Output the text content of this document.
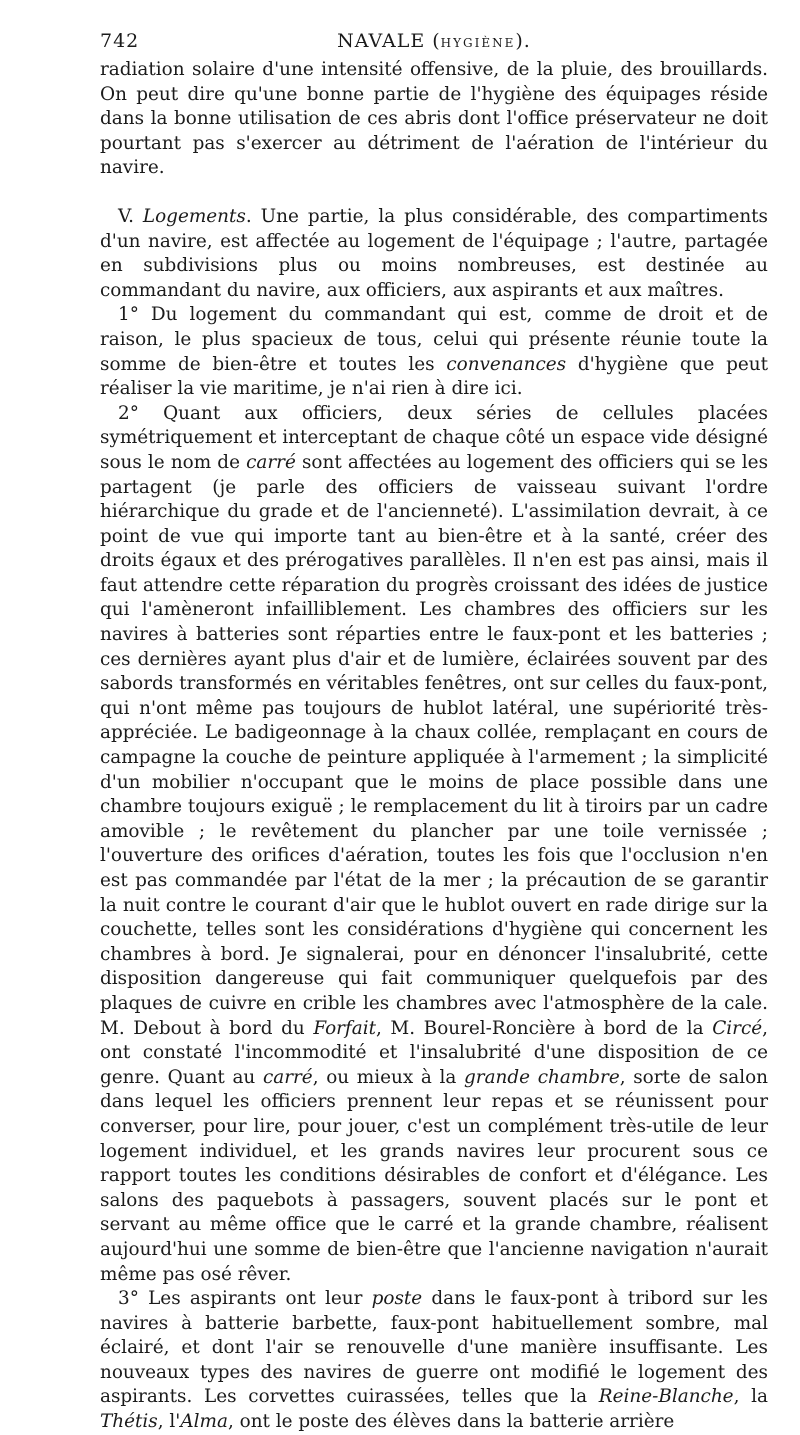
742	NAVALE (HYGIÈNE).

radiation solaire d'une intensité offensive, de la pluie, des brouillards. On peut dire qu'une bonne partie de l'hygiène des équipages réside dans la bonne utilisation de ces abris dont l'office préservateur ne doit pourtant pas s'exercer au détriment de l'aération de l'intérieur du navire.

V. Logements. Une partie, la plus considérable, des compartiments d'un navire, est affectée au logement de l'équipage ; l'autre, partagée en subdivisions plus ou moins nombreuses, est destinée au commandant du navire, aux officiers, aux aspirants et aux maîtres.

1° Du logement du commandant qui est, comme de droit et de raison, le plus spacieux de tous, celui qui présente réunie toute la somme de bien-être et toutes les convenances d'hygiène que peut réaliser la vie maritime, je n'ai rien à dire ici.

2° Quant aux officiers, deux séries de cellules placées symétriquement et interceptant de chaque côté un espace vide désigné sous le nom de carré sont affectées au logement des officiers qui se les partagent (je parle des officiers de vaisseau suivant l'ordre hiérarchique du grade et de l'ancienneté). L'assimilation devrait, à ce point de vue qui importe tant au bien-être et à la santé, créer des droits égaux et des prérogatives parallèles. Il n'en est pas ainsi, mais il faut attendre cette réparation du progrès croissant des idées de justice qui l'amèneront infailliblement. Les chambres des officiers sur les navires à batteries sont réparties entre le faux-pont et les batteries ; ces dernières ayant plus d'air et de lumière, éclairées souvent par des sabords transformés en véritables fenêtres, ont sur celles du faux-pont, qui n'ont même pas toujours de hublot latéral, une supériorité très-appréciée. Le badigeonnage à la chaux collée, remplaçant en cours de campagne la couche de peinture appliquée à l'armement ; la simplicité d'un mobilier n'occupant que le moins de place possible dans une chambre toujours exiguë ; le remplacement du lit à tiroirs par un cadre amovible ; le revêtement du plancher par une toile vernissée ; l'ouverture des orifices d'aération, toutes les fois que l'occlusion n'en est pas commandée par l'état de la mer ; la précaution de se garantir la nuit contre le courant d'air que le hublot ouvert en rade dirige sur la couchette, telles sont les considérations d'hygiène qui concernent les chambres à bord. Je signalerai, pour en dénoncer l'insalubrité, cette disposition dangereuse qui fait communiquer quelquefois par des plaques de cuivre en crible les chambres avec l'atmosphère de la cale. M. Debout à bord du Forfait, M. Bourel-Roncière à bord de la Circé, ont constaté l'incommodité et l'insalubrité d'une disposition de ce genre. Quant au carré, ou mieux à la grande chambre, sorte de salon dans lequel les officiers prennent leur repas et se réunissent pour converser, pour lire, pour jouer, c'est un complément très-utile de leur logement individuel, et les grands navires leur procurent sous ce rapport toutes les conditions désirables de confort et d'élégance. Les salons des paquebots à passagers, souvent placés sur le pont et servant au même office que le carré et la grande chambre, réalisent aujourd'hui une somme de bien-être que l'ancienne navigation n'aurait même pas osé rêver.

3° Les aspirants ont leur poste dans le faux-pont à tribord sur les navires à batterie barbette, faux-pont habituellement sombre, mal éclairé, et dont l'air se renouvelle d'une manière insuffisante. Les nouveaux types des navires de guerre ont modifié le logement des aspirants. Les corvettes cuirassées, telles que la Reine-Blanche, la Thétis, l'Alma, ont le poste des élèves dans la batterie arrière
